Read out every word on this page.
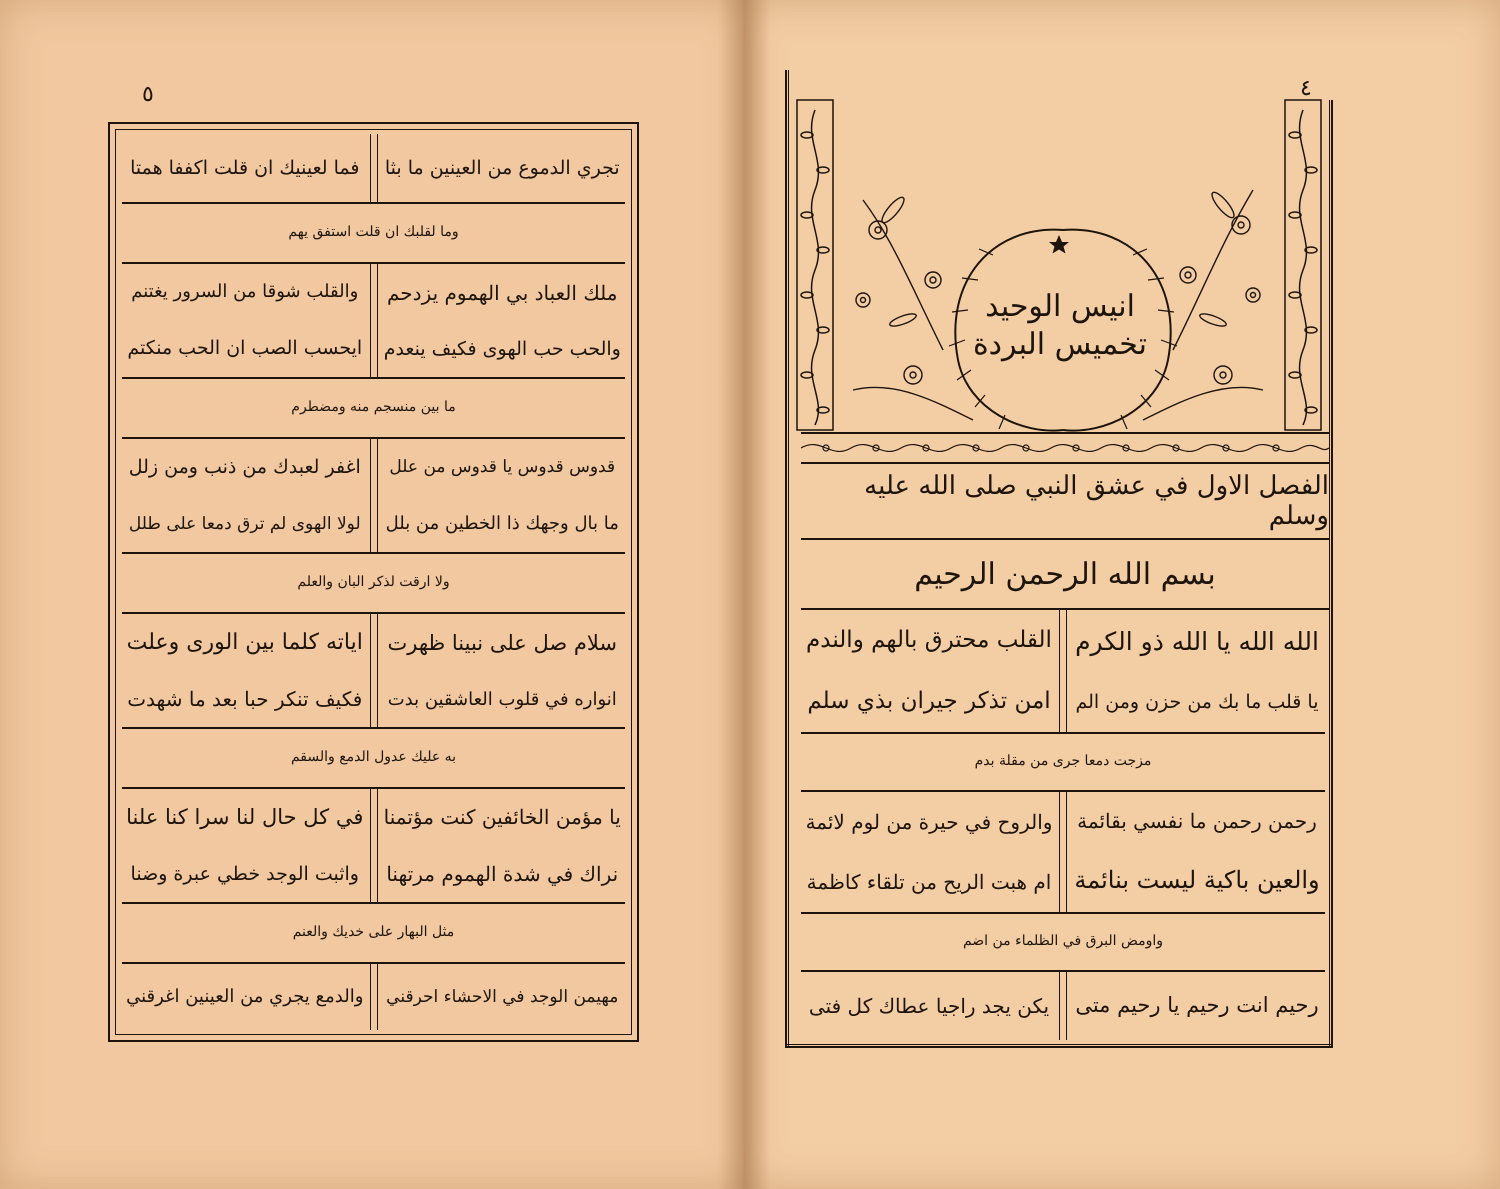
٥
فما لعينيك ان قلت اكففا همتا تجري الدموع من العينين ما بثا
وما لقلبك ان قلت استفق يهم
والقلب شوقا من السرور يغتنم
ايحسب الصب ان الحب منكتم
ملك العباد بي الهموم يزدحم
والحب حب الهوى فكيف ينعدم
ما بين منسجم منه ومضطرم
اغفر لعبدك من ذنب ومن زلل
لولا الهوى لم ترق دمعا على طلل
قدوس قدوس يا قدوس من علل
ما بال وجهك ذا الخطين من بلل
ولا ارقت لذكر البان والعلم
اياته كلما بين الورى وعلت
فكيف تنكر حبا بعد ما شهدت
سلام صل على نبينا ظهرت
انواره في قلوب العاشقين بدت
به عليك عدول الدمع والسقم
في كل حال لنا سرا كنا علنا
واثبت الوجد خطي عبرة وضنا
يا مؤمن الخائفين كنت مؤتمنا
نراك في شدة الهموم مرتهنا
مثل البهار على خديك والعنم
والدمع يجري من العينين اغرقني مهيمن الوجد في الاحشاء احرقني
٤
انيس الوحيد
تخميس البردة
الفصل الاول في عشق النبي صلى الله عليه وسلم
بسم الله الرحمن الرحيم
القلب محترق بالهم والندم
امن تذكر جيران بذي سلم
الله الله يا الله ذو الكرم
يا قلب ما بك من حزن ومن الم
مزجت دمعا جرى من مقلة بدم
والروح في حيرة من لوم لائمة
ام هبت الريح من تلقاء كاظمة
رحمن رحمن ما نفسي بقائمة
والعين باكية ليست بنائمة
واومض البرق في الظلماء من اضم
يكن يجد راجيا عطاك كل فتى رحيم انت رحيم يا رحيم متى
